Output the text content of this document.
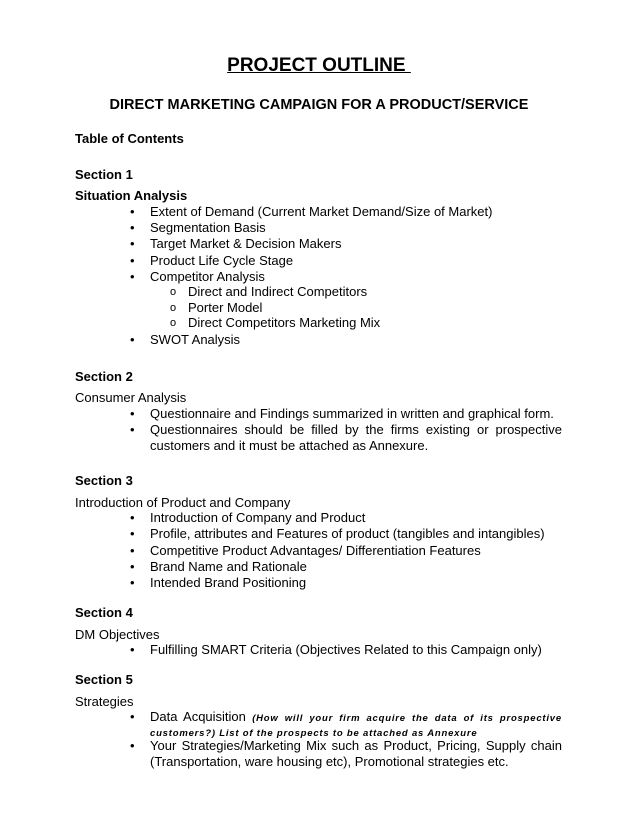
PROJECT OUTLINE
DIRECT MARKETING CAMPAIGN FOR A PRODUCT/SERVICE
Table of Contents
Section 1
Situation Analysis
• Extent of Demand (Current Market Demand/Size of Market)
• Segmentation Basis
• Target Market & Decision Makers
• Product Life Cycle Stage
• Competitor Analysis
o Direct and Indirect Competitors
o Porter Model
o Direct Competitors Marketing Mix
• SWOT Analysis
Section 2
Consumer Analysis
• Questionnaire and Findings summarized in written and graphical form.
• Questionnaires should be filled by the firms existing or prospective
customers and it must be attached as Annexure.
Section 3
Introduction of Product and Company
• Introduction of Company and Product
• Profile, attributes and Features of product (tangibles and intangibles)
• Competitive Product Advantages/ Differentiation Features
• Brand Name and Rationale
• Intended Brand Positioning
Section 4
DM Objectives
• Fulfilling SMART Criteria (Objectives Related to this Campaign only)
Section 5
Strategies
• Data Acquisition (How will your firm acquire the data of its prospective
customers?) List of the prospects to be attached as Annexure
• Your Strategies/Marketing Mix such as Product, Pricing, Supply chain
(Transportation, ware housing etc), Promotional strategies etc.
